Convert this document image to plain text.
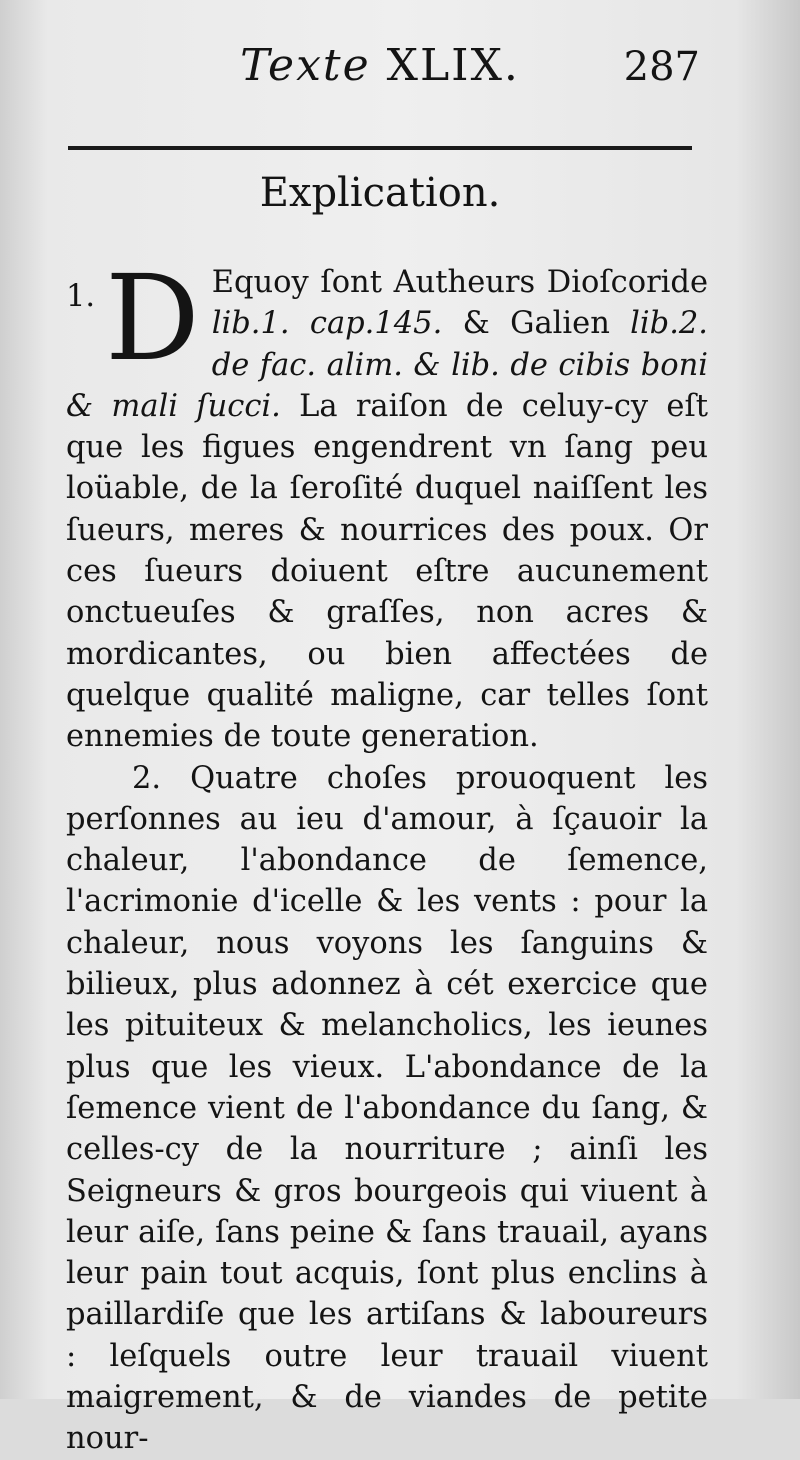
Texte XLIX.	287
Explication.

1. D Equoy ſont Autheurs Dioſcoride lib.1. cap.145. & Galien lib.2. de fac. alim. & lib. de cibis boni & mali ſucci. La raiſon de celuy-cy eſt que les figues engendrent vn ſang peu loüable, de la ſeroſité duquel naiſſent les ſueurs, meres & nourrices des poux. Or ces ſueurs doiuent eſtre aucunement onctueuſes & graſſes, non acres & mordicantes, ou bien affectées de quelque qualité maligne, car telles ſont ennemies de toute generation.

2. Quatre choſes prouoquent les perſonnes au ieu d'amour, à ſçauoir la chaleur, l'abondance de ſemence, l'acrimonie d'icelle & les vents : pour la chaleur, nous voyons les ſanguins & bilieux, plus adonnez à cét exercice que les pituiteux & melancholics, les ieunes plus que les vieux. L'abondance de la ſemence vient de l'abondance du ſang, & celles-cy de la nourriture ; ainſi les Seigneurs & gros bourgeois qui viuent à leur aiſe, ſans peine & ſans trauail, ayans leur pain tout acquis, ſont plus enclins à paillardiſe que les artiſans & laboureurs : leſquels outre leur trauail viuent maigrement, & de viandes de petite nour-
